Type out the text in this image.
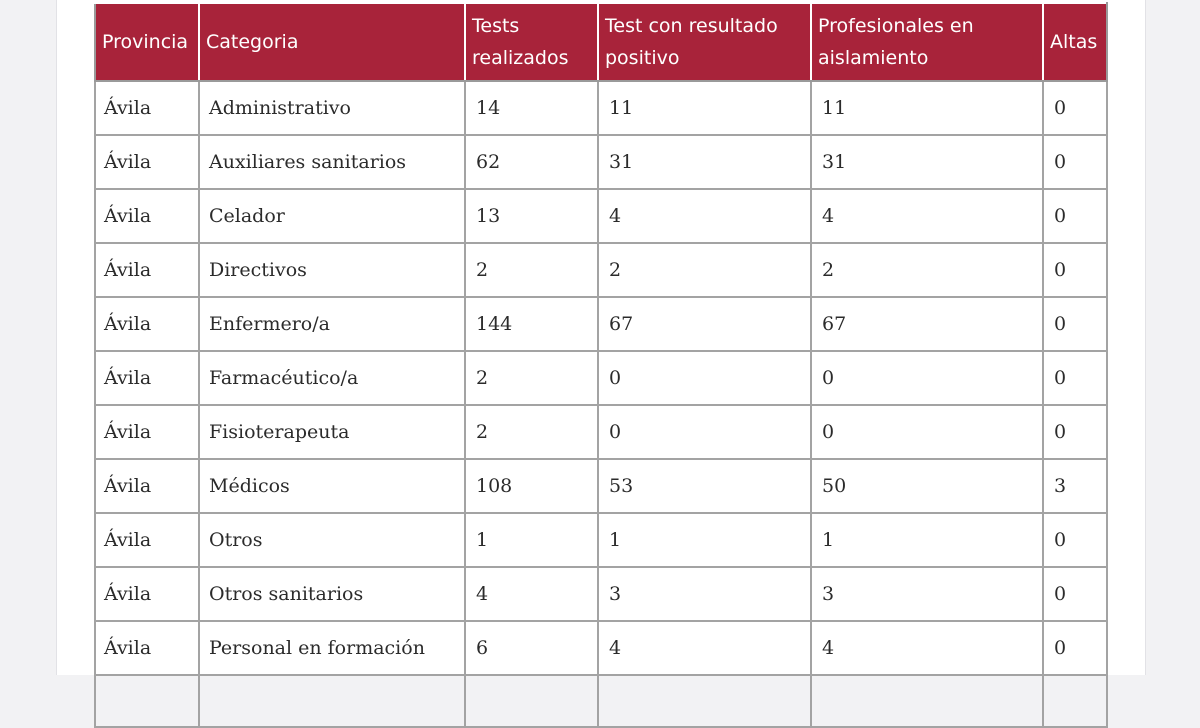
Provincia	Categoria	Tests realizados	Test con resultado positivo	Profesionales en aislamiento	Altas
Ávila	Administrativo	14	11	11	0
Ávila	Auxiliares sanitarios	62	31	31	0
Ávila	Celador	13	4	4	0
Ávila	Directivos	2	2	2	0
Ávila	Enfermero/a	144	67	67	0
Ávila	Farmacéutico/a	2	0	0	0
Ávila	Fisioterapeuta	2	0	0	0
Ávila	Médicos	108	53	50	3
Ávila	Otros	1	1	1	0
Ávila	Otros sanitarios	4	3	3	0
Ávila	Personal en formación	6	4	4	0
